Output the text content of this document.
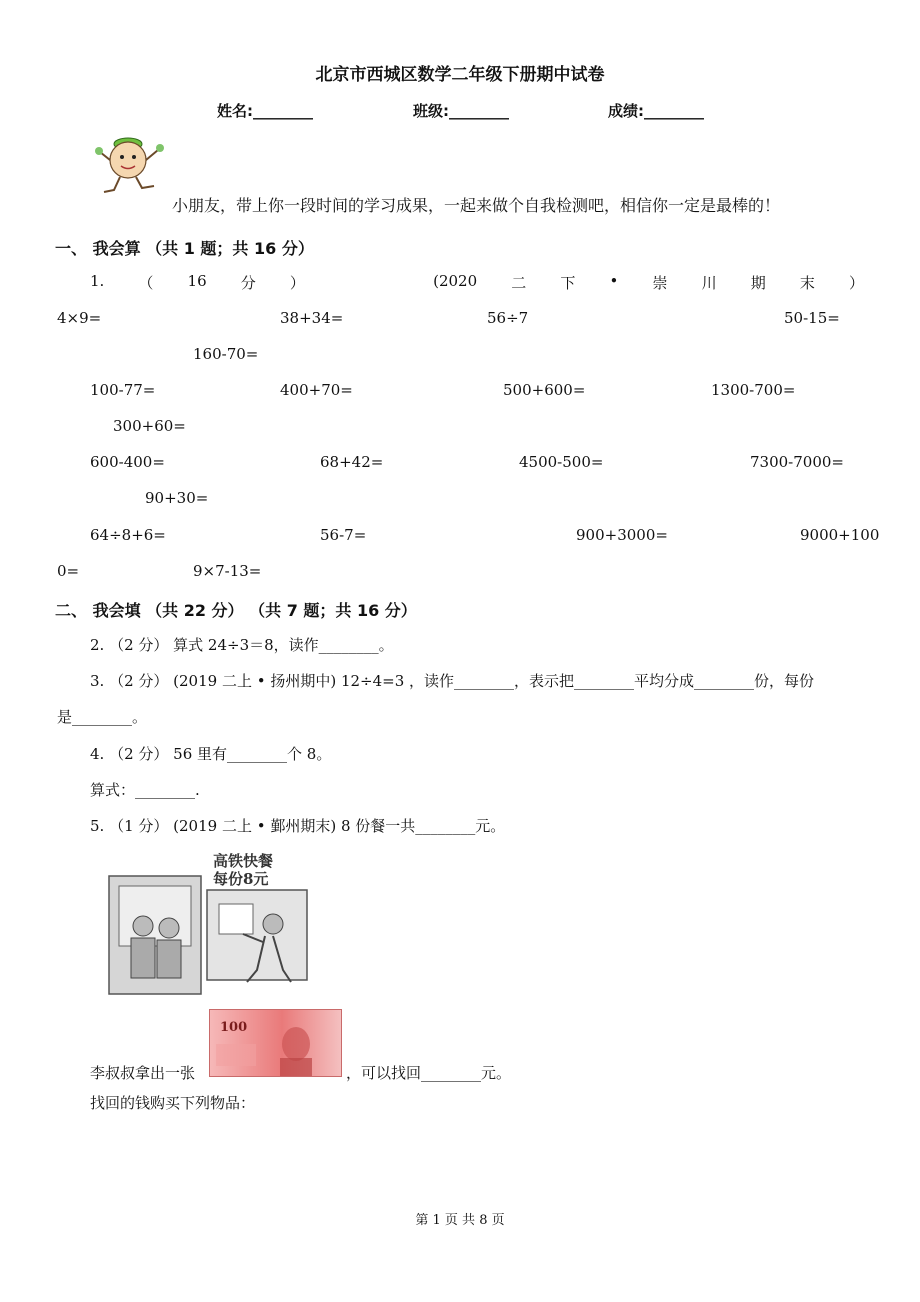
北京市西城区数学二年级下册期中试卷
姓名:________	班级:________	成绩:________
小朋友，带上你一段时间的学习成果，一起来做个自我检测吧，相信你一定是最棒的！
一、 我会算 （共 1 题；共 16 分）
1. （ 16 分 ）	(2020 二 下 • 崇 川 期 末 ）
4×9=	38+34=	56÷7	50-15=
160-70=
100-77=	400+70=	500+600=	1300-700=
300+60=
600-400=	68+42=	4500-500=	7300-7000=
90+30=
64÷8+6=	56-7=	900+3000=	9000+100
0=	9×7-13=
二、 我会填 （共 22 分） （共 7 题；共 16 分）
2. （2 分） 算式 24÷3＝8，读作________。
3. （2 分） (2019 二上 • 扬州期中) 12÷4=3 ，读作________，表示把________平均分成________份，每份
是________。
4. （2 分） 56 里有________个 8。
算式：________.
5. （1 分） (2019 二上 • 鄞州期末) 8 份餐一共________元。
高铁快餐
每份8元
100
李叔叔拿出一张	，可以找回________元。
找回的钱购买下列物品：
第 1 页 共 8 页
